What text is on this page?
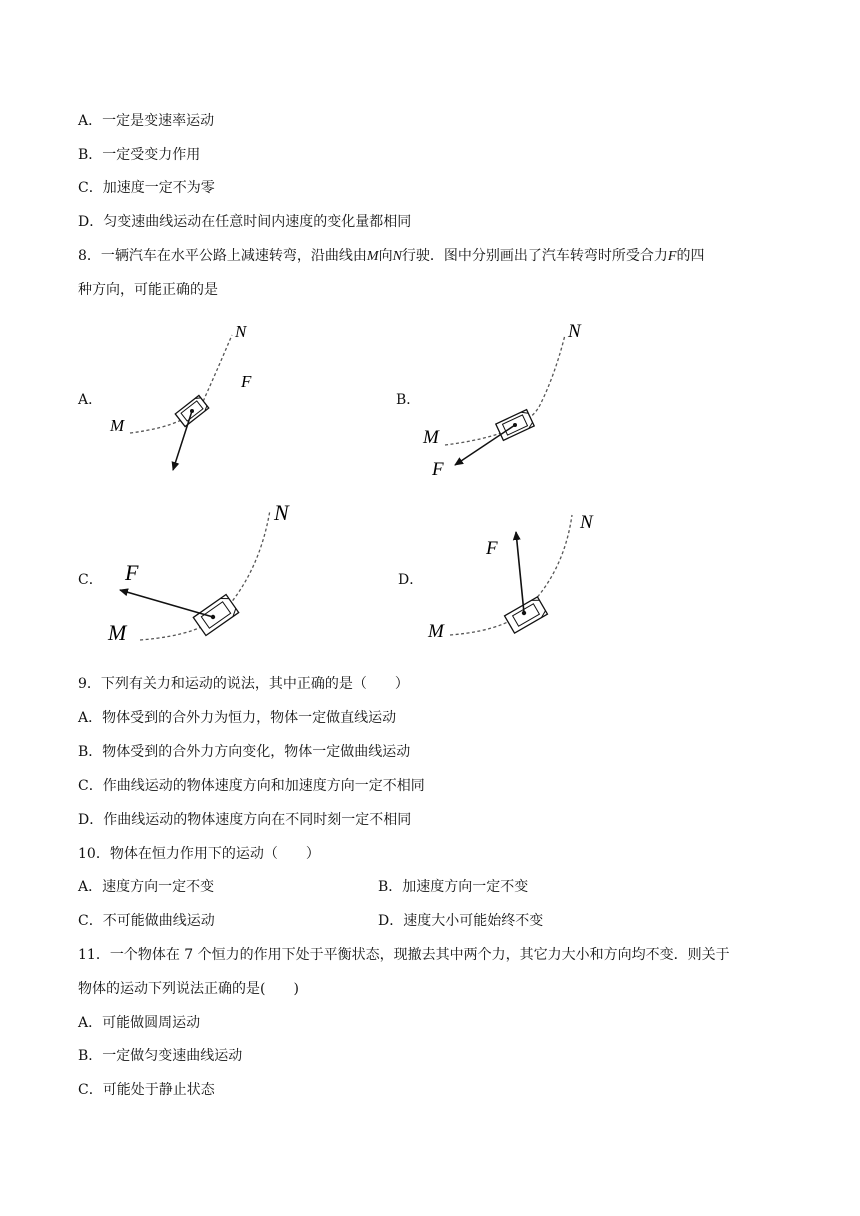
A．一定是变速率运动
B．一定受变力作用
C．加速度一定不为零
D．匀变速曲线运动在任意时间内速度的变化量都相同
8．一辆汽车在水平公路上减速转弯，沿曲线由M向N行驶．图中分别画出了汽车转弯时所受合力F的四
种方向，可能正确的是
A．	B．
C．	D．
N
F
M
N
F
M
N
F
M
N
F
M
9．下列有关力和运动的说法，其中正确的是（　　）
A．物体受到的合外力为恒力，物体一定做直线运动
B．物体受到的合外力方向变化，物体一定做曲线运动
C．作曲线运动的物体速度方向和加速度方向一定不相同
D．作曲线运动的物体速度方向在不同时刻一定不相同
10．物体在恒力作用下的运动（　　）
A．速度方向一定不变	B．加速度方向一定不变
C．不可能做曲线运动	D．速度大小可能始终不变
11．一个物体在 7 个恒力的作用下处于平衡状态，现撤去其中两个力，其它力大小和方向均不变．则关于
物体的运动下列说法正确的是(　　)
A．可能做圆周运动
B．一定做匀变速曲线运动
C．可能处于静止状态
